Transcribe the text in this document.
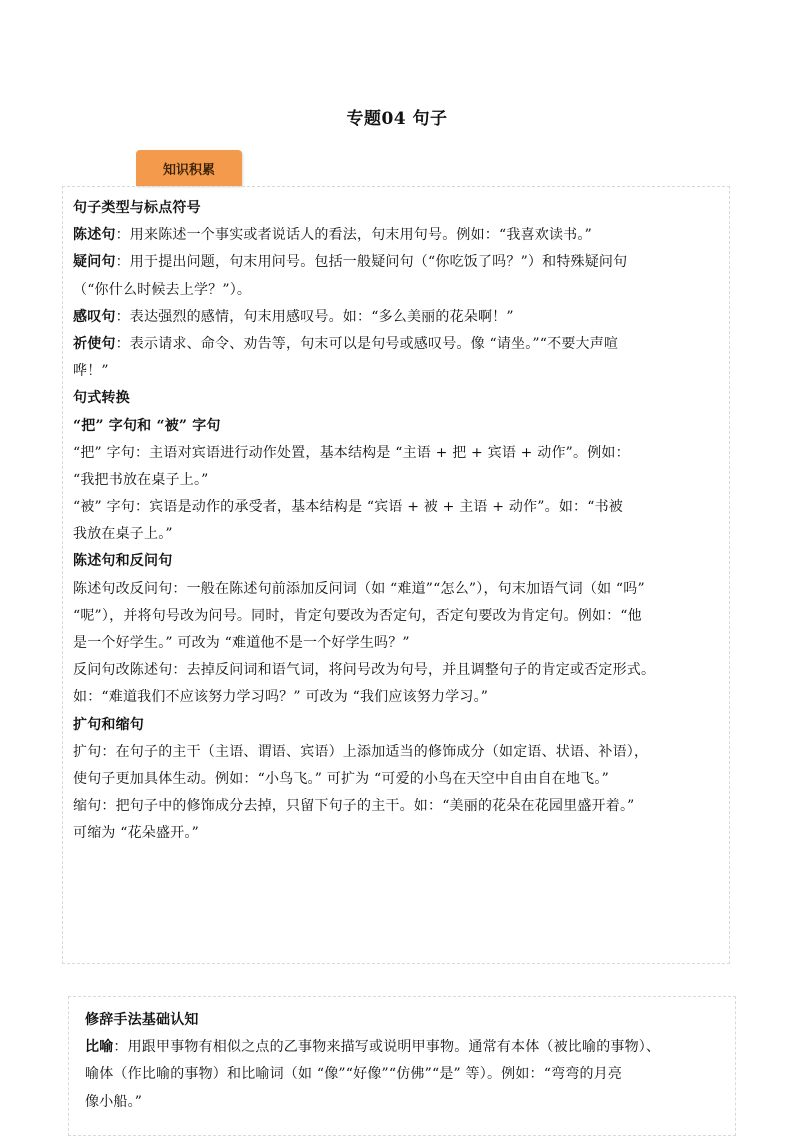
专题04 句子
知识积累
句子类型与标点符号
陈述句：用来陈述一个事实或者说话人的看法，句末用句号。例如：“我喜欢读书。”
疑问句：用于提出问题，句末用问号。包括一般疑问句（“你吃饭了吗？”）和特殊疑问句
（“你什么时候去上学？”）。
感叹句：表达强烈的感情，句末用感叹号。如：“多么美丽的花朵啊！”
祈使句：表示请求、命令、劝告等，句末可以是句号或感叹号。像 “请坐。”“不要大声喧
哗！”
句式转换
“把” 字句和 “被” 字句
“把” 字句：主语对宾语进行动作处置，基本结构是 “主语 + 把 + 宾语 + 动作”。例如：
“我把书放在桌子上。”
“被” 字句：宾语是动作的承受者，基本结构是 “宾语 + 被 + 主语 + 动作”。如：“书被
我放在桌子上。”
陈述句和反问句
陈述句改反问句：一般在陈述句前添加反问词（如 “难道”“怎么”），句末加语气词（如 “吗”
“呢”），并将句号改为问号。同时，肯定句要改为否定句，否定句要改为肯定句。例如：“他
是一个好学生。” 可改为 “难道他不是一个好学生吗？”
反问句改陈述句：去掉反问词和语气词，将问号改为句号，并且调整句子的肯定或否定形式。
如：“难道我们不应该努力学习吗？” 可改为 “我们应该努力学习。”
扩句和缩句
扩句：在句子的主干（主语、谓语、宾语）上添加适当的修饰成分（如定语、状语、补语），
使句子更加具体生动。例如：“小鸟飞。” 可扩为 “可爱的小鸟在天空中自由自在地飞。”
缩句：把句子中的修饰成分去掉，只留下句子的主干。如：“美丽的花朵在花园里盛开着。”
可缩为 “花朵盛开。”
修辞手法基础认知
比喻：用跟甲事物有相似之点的乙事物来描写或说明甲事物。通常有本体（被比喻的事物）、
喻体（作比喻的事物）和比喻词（如 “像”“好像”“仿佛”“是” 等）。例如：“弯弯的月亮
像小船。”
